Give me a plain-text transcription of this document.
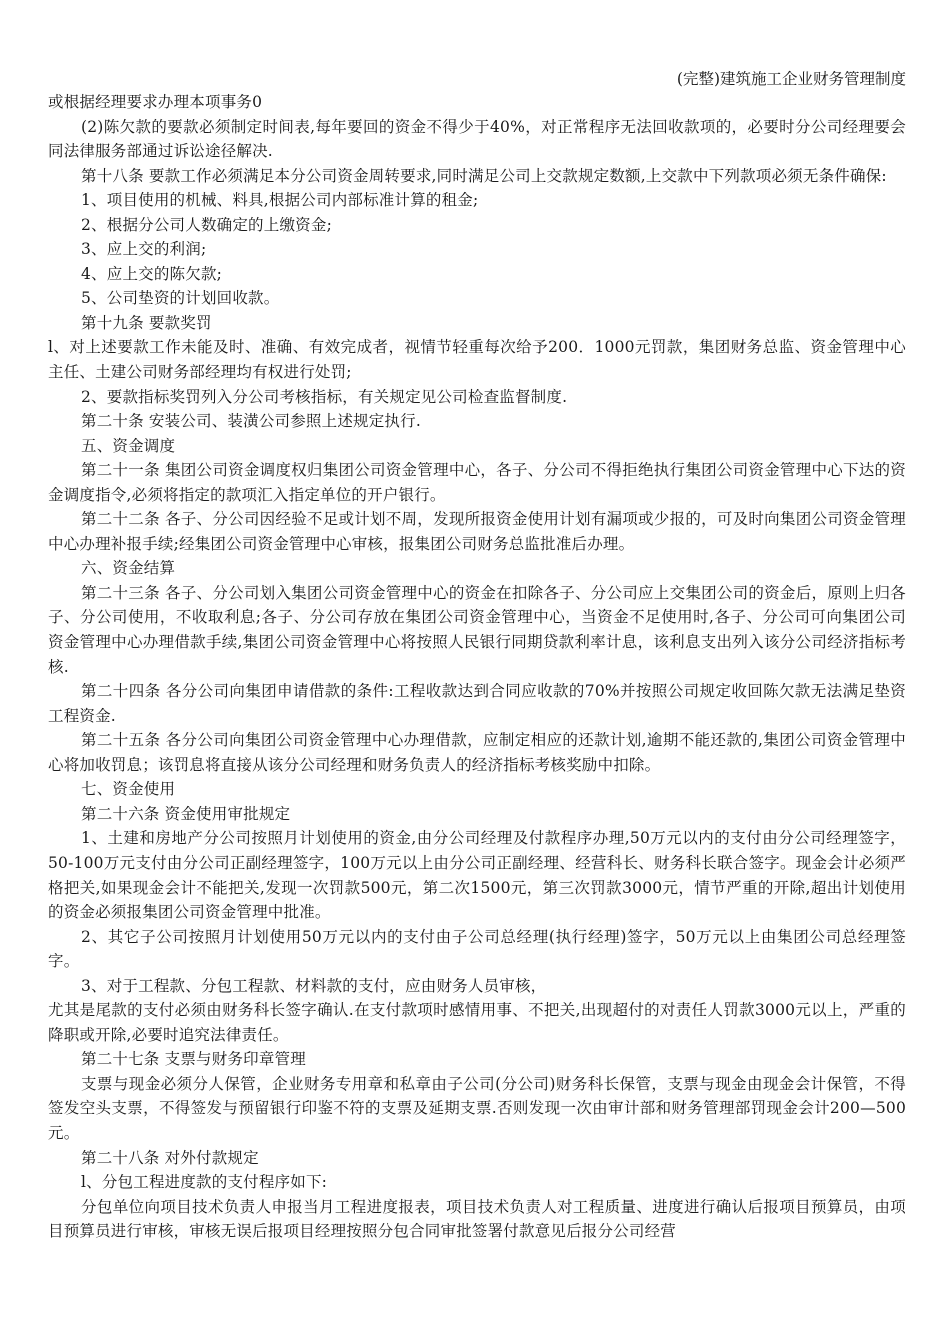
(完整)建筑施工企业财务管理制度

或根据经理要求办理本项事务0

(2)陈欠款的要款必须制定时间表,每年要回的资金不得少于40%，对正常程序无法回收款项的，必要时分公司经理要会同法律服务部通过诉讼途径解决.

第十八条 要款工作必须满足本分公司资金周转要求,同时满足公司上交款规定数额,上交款中下列款项必须无条件确保:

1、项目使用的机械、料具,根据公司内部标准计算的租金;

2、根据分公司人数确定的上缴资金;

3、应上交的利润;

4、应上交的陈欠款;

5、公司垫资的计划回收款。

第十九条 要款奖罚

l、对上述要款工作未能及时、准确、有效完成者，视情节轻重每次给予200．1000元罚款，集团财务总监、资金管理中心主任、土建公司财务部经理均有权进行处罚;

2、要款指标奖罚列入分公司考核指标，有关规定见公司检查监督制度.

第二十条 安装公司、装潢公司参照上述规定执行.

五、资金调度

第二十一条 集团公司资金调度权归集团公司资金管理中心，各子、分公司不得拒绝执行集团公司资金管理中心下达的资金调度指令,必须将指定的款项汇入指定单位的开户银行。

第二十二条 各子、分公司因经验不足或计划不周，发现所报资金使用计划有漏项或少报的，可及时向集团公司资金管理中心办理补报手续;经集团公司资金管理中心审核，报集团公司财务总监批准后办理。

六、资金结算

第二十三条 各子、分公司划入集团公司资金管理中心的资金在扣除各子、分公司应上交集团公司的资金后，原则上归各子、分公司使用，不收取利息;各子、分公司存放在集团公司资金管理中心，当资金不足使用时,各子、分公司可向集团公司资金管理中心办理借款手续,集团公司资金管理中心将按照人民银行同期贷款利率计息，该利息支出列入该分公司经济指标考核.

第二十四条 各分公司向集团申请借款的条件:工程收款达到合同应收款的70%并按照公司规定收回陈欠款无法满足垫资工程资金.

第二十五条 各分公司向集团公司资金管理中心办理借款，应制定相应的还款计划,逾期不能还款的,集团公司资金管理中心将加收罚息；该罚息将直接从该分公司经理和财务负责人的经济指标考核奖励中扣除。

七、资金使用

第二十六条 资金使用审批规定

1、土建和房地产分公司按照月计划使用的资金,由分公司经理及付款程序办理,50万元以内的支付由分公司经理签字，50-100万元支付由分公司正副经理签字，100万元以上由分公司正副经理、经营科长、财务科长联合签字。现金会计必须严格把关,如果现金会计不能把关,发现一次罚款500元，第二次1500元，第三次罚款3000元，情节严重的开除,超出计划使用的资金必须报集团公司资金管理中批准。

2、其它子公司按照月计划使用50万元以内的支付由子公司总经理(执行经理)签字，50万元以上由集团公司总经理签字。

3、对于工程款、分包工程款、材料款的支付，应由财务人员审核，

尤其是尾款的支付必须由财务科长签字确认.在支付款项时感情用事、不把关,出现超付的对责任人罚款3000元以上，严重的降职或开除,必要时追究法律责任。

第二十七条 支票与财务印章管理

支票与现金必须分人保管，企业财务专用章和私章由子公司(分公司)财务科长保管，支票与现金由现金会计保管，不得签发空头支票，不得签发与预留银行印鉴不符的支票及延期支票.否则发现一次由审计部和财务管理部罚现金会计200—500元。

第二十八条 对外付款规定

l、分包工程进度款的支付程序如下:

分包单位向项目技术负责人申报当月工程进度报表，项目技术负责人对工程质量、进度进行确认后报项目预算员，由项目预算员进行审核，审核无误后报项目经理按照分包合同审批签署付款意见后报分公司经营
